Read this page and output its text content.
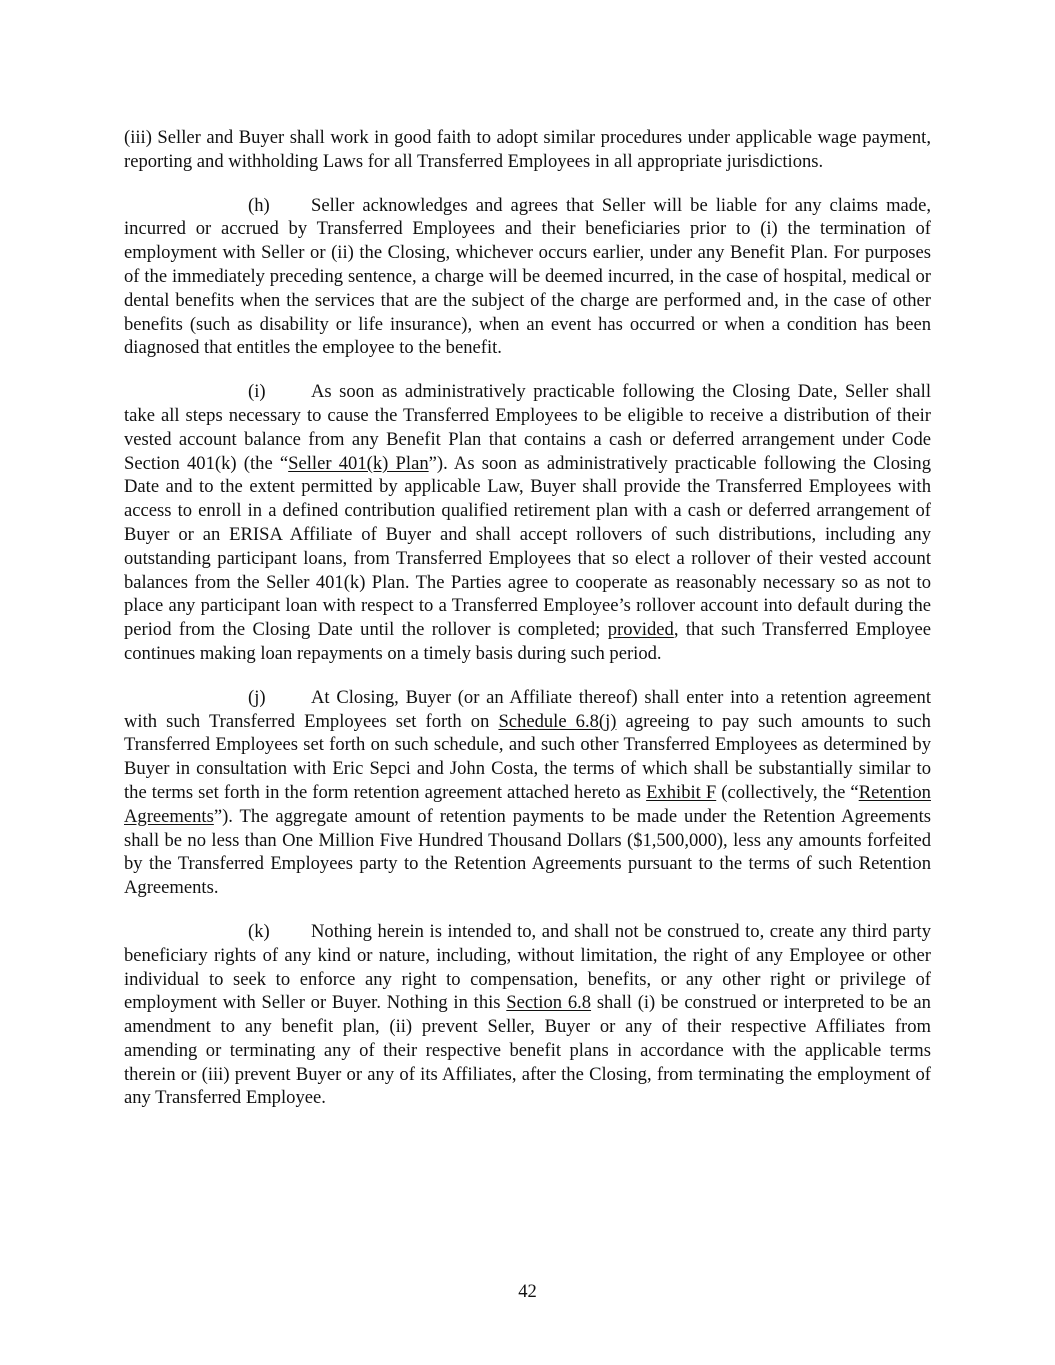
(iii) Seller and Buyer shall work in good faith to adopt similar procedures under applicable wage payment, reporting and withholding Laws for all Transferred Employees in all appropriate jurisdictions.

(h) Seller acknowledges and agrees that Seller will be liable for any claims made, incurred or accrued by Transferred Employees and their beneficiaries prior to (i) the termination of employment with Seller or (ii) the Closing, whichever occurs earlier, under any Benefit Plan. For purposes of the immediately preceding sentence, a charge will be deemed incurred, in the case of hospital, medical or dental benefits when the services that are the subject of the charge are performed and, in the case of other benefits (such as disability or life insurance), when an event has occurred or when a condition has been diagnosed that entitles the employee to the benefit.

(i) As soon as administratively practicable following the Closing Date, Seller shall take all steps necessary to cause the Transferred Employees to be eligible to receive a distribution of their vested account balance from any Benefit Plan that contains a cash or deferred arrangement under Code Section 401(k) (the “Seller 401(k) Plan”). As soon as administratively practicable following the Closing Date and to the extent permitted by applicable Law, Buyer shall provide the Transferred Employees with access to enroll in a defined contribution qualified retirement plan with a cash or deferred arrangement of Buyer or an ERISA Affiliate of Buyer and shall accept rollovers of such distributions, including any outstanding participant loans, from Transferred Employees that so elect a rollover of their vested account balances from the Seller 401(k) Plan. The Parties agree to cooperate as reasonably necessary so as not to place any participant loan with respect to a Transferred Employee’s rollover account into default during the period from the Closing Date until the rollover is completed; provided, that such Transferred Employee continues making loan repayments on a timely basis during such period.

(j) At Closing, Buyer (or an Affiliate thereof) shall enter into a retention agreement with such Transferred Employees set forth on Schedule 6.8(j) agreeing to pay such amounts to such Transferred Employees set forth on such schedule, and such other Transferred Employees as determined by Buyer in consultation with Eric Sepci and John Costa, the terms of which shall be substantially similar to the terms set forth in the form retention agreement attached hereto as Exhibit F (collectively, the “Retention Agreements”). The aggregate amount of retention payments to be made under the Retention Agreements shall be no less than One Million Five Hundred Thousand Dollars ($1,500,000), less any amounts forfeited by the Transferred Employees party to the Retention Agreements pursuant to the terms of such Retention Agreements.

(k) Nothing herein is intended to, and shall not be construed to, create any third party beneficiary rights of any kind or nature, including, without limitation, the right of any Employee or other individual to seek to enforce any right to compensation, benefits, or any other right or privilege of employment with Seller or Buyer. Nothing in this Section 6.8 shall (i) be construed or interpreted to be an amendment to any benefit plan, (ii) prevent Seller, Buyer or any of their respective Affiliates from amending or terminating any of their respective benefit plans in accordance with the applicable terms therein or (iii) prevent Buyer or any of its Affiliates, after the Closing, from terminating the employment of any Transferred Employee.

42
